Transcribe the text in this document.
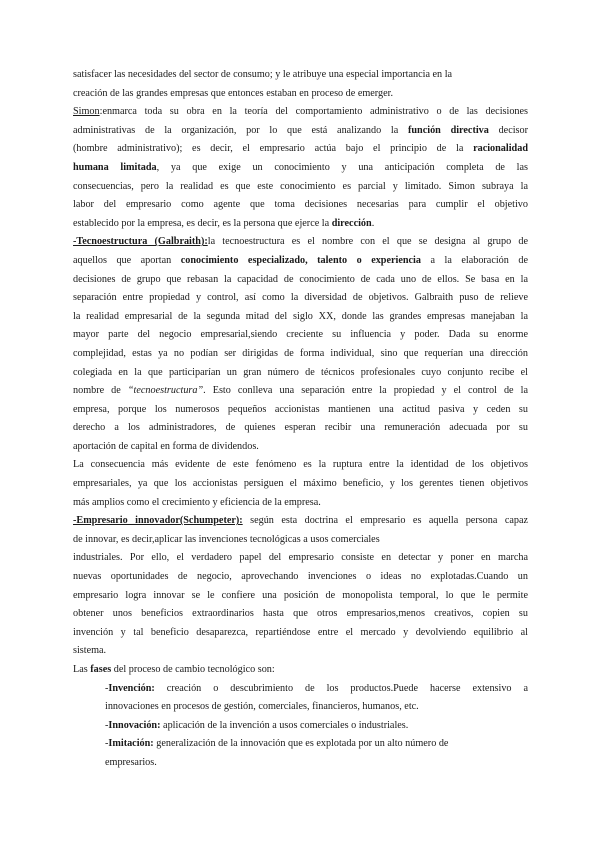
satisfacer las necesidades del sector de consumo; y le atribuye una especial importancia en la
creación de las grandes empresas que entonces estaban en proceso de emerger.
Simon:enmarca toda su obra en la teoría del comportamiento administrativo o de las decisiones
administrativas de la organización, por lo que está analizando la función directiva decisor
(hombre administrativo); es decir, el empresario actúa bajo el principio de la racionalidad
humana limitada, ya que exige un conocimiento y una anticipación completa de las
consecuencias, pero la realidad es que este conocimiento es parcial y limitado. Simon subraya la
labor del empresario como agente que toma decisiones necesarias para cumplir el objetivo
establecido por la empresa, es decir, es la persona que ejerce la dirección.
-Tecnoestructura (Galbraith):la tecnoestructura es el nombre con el que se designa al grupo de
aquellos que aportan conocimiento especializado, talento o experiencia a la elaboración de
decisiones de grupo que rebasan la capacidad de conocimiento de cada uno de ellos. Se basa en la
separación entre propiedad y control, así como la diversidad de objetivos. Galbraith puso de relieve
la realidad empresarial de la segunda mitad del siglo XX, donde las grandes empresas manejaban la
mayor parte del negocio empresarial,siendo creciente su influencia y poder. Dada su enorme
complejidad, estas ya no podían ser dirigidas de forma individual, sino que requerían una dirección
colegiada en la que participarían un gran número de técnicos profesionales cuyo conjunto recibe el
nombre de “tecnoestructura”. Esto conlleva una separación entre la propiedad y el control de la
empresa, porque los numerosos pequeños accionistas mantienen una actitud pasiva y ceden su
derecho a los administradores, de quienes esperan recibir una remuneración adecuada por su
aportación de capital en forma de dividendos.
La consecuencia más evidente de este fenómeno es la ruptura entre la identidad de los objetivos
empresariales, ya que los accionistas persiguen el máximo beneficio, y los gerentes tienen objetivos
más amplios como el crecimiento y eficiencia de la empresa.
-Empresario innovador(Schumpeter): según esta doctrina el empresario es aquella persona capaz
de innovar, es decir,aplicar las invenciones tecnológicas a usos comerciales
industriales. Por ello, el verdadero papel del empresario consiste en detectar y poner en marcha
nuevas oportunidades de negocio, aprovechando invenciones o ideas no explotadas.Cuando un
empresario logra innovar se le confiere una posición de monopolista temporal, lo que le permite
obtener unos beneficios extraordinarios hasta que otros empresarios,menos creativos, copien su
invención y tal beneficio desaparezca, repartiéndose entre el mercado y devolviendo equilibrio al
sistema.
Las fases del proceso de cambio tecnológico son:
-Invención: creación o descubrimiento de los productos.Puede hacerse extensivo a
innovaciones en procesos de gestión, comerciales, financieros, humanos, etc.
-Innovación: aplicación de la invención a usos comerciales o industriales.
-Imitación: generalización de la innovación que es explotada por un alto número de
empresarios.
